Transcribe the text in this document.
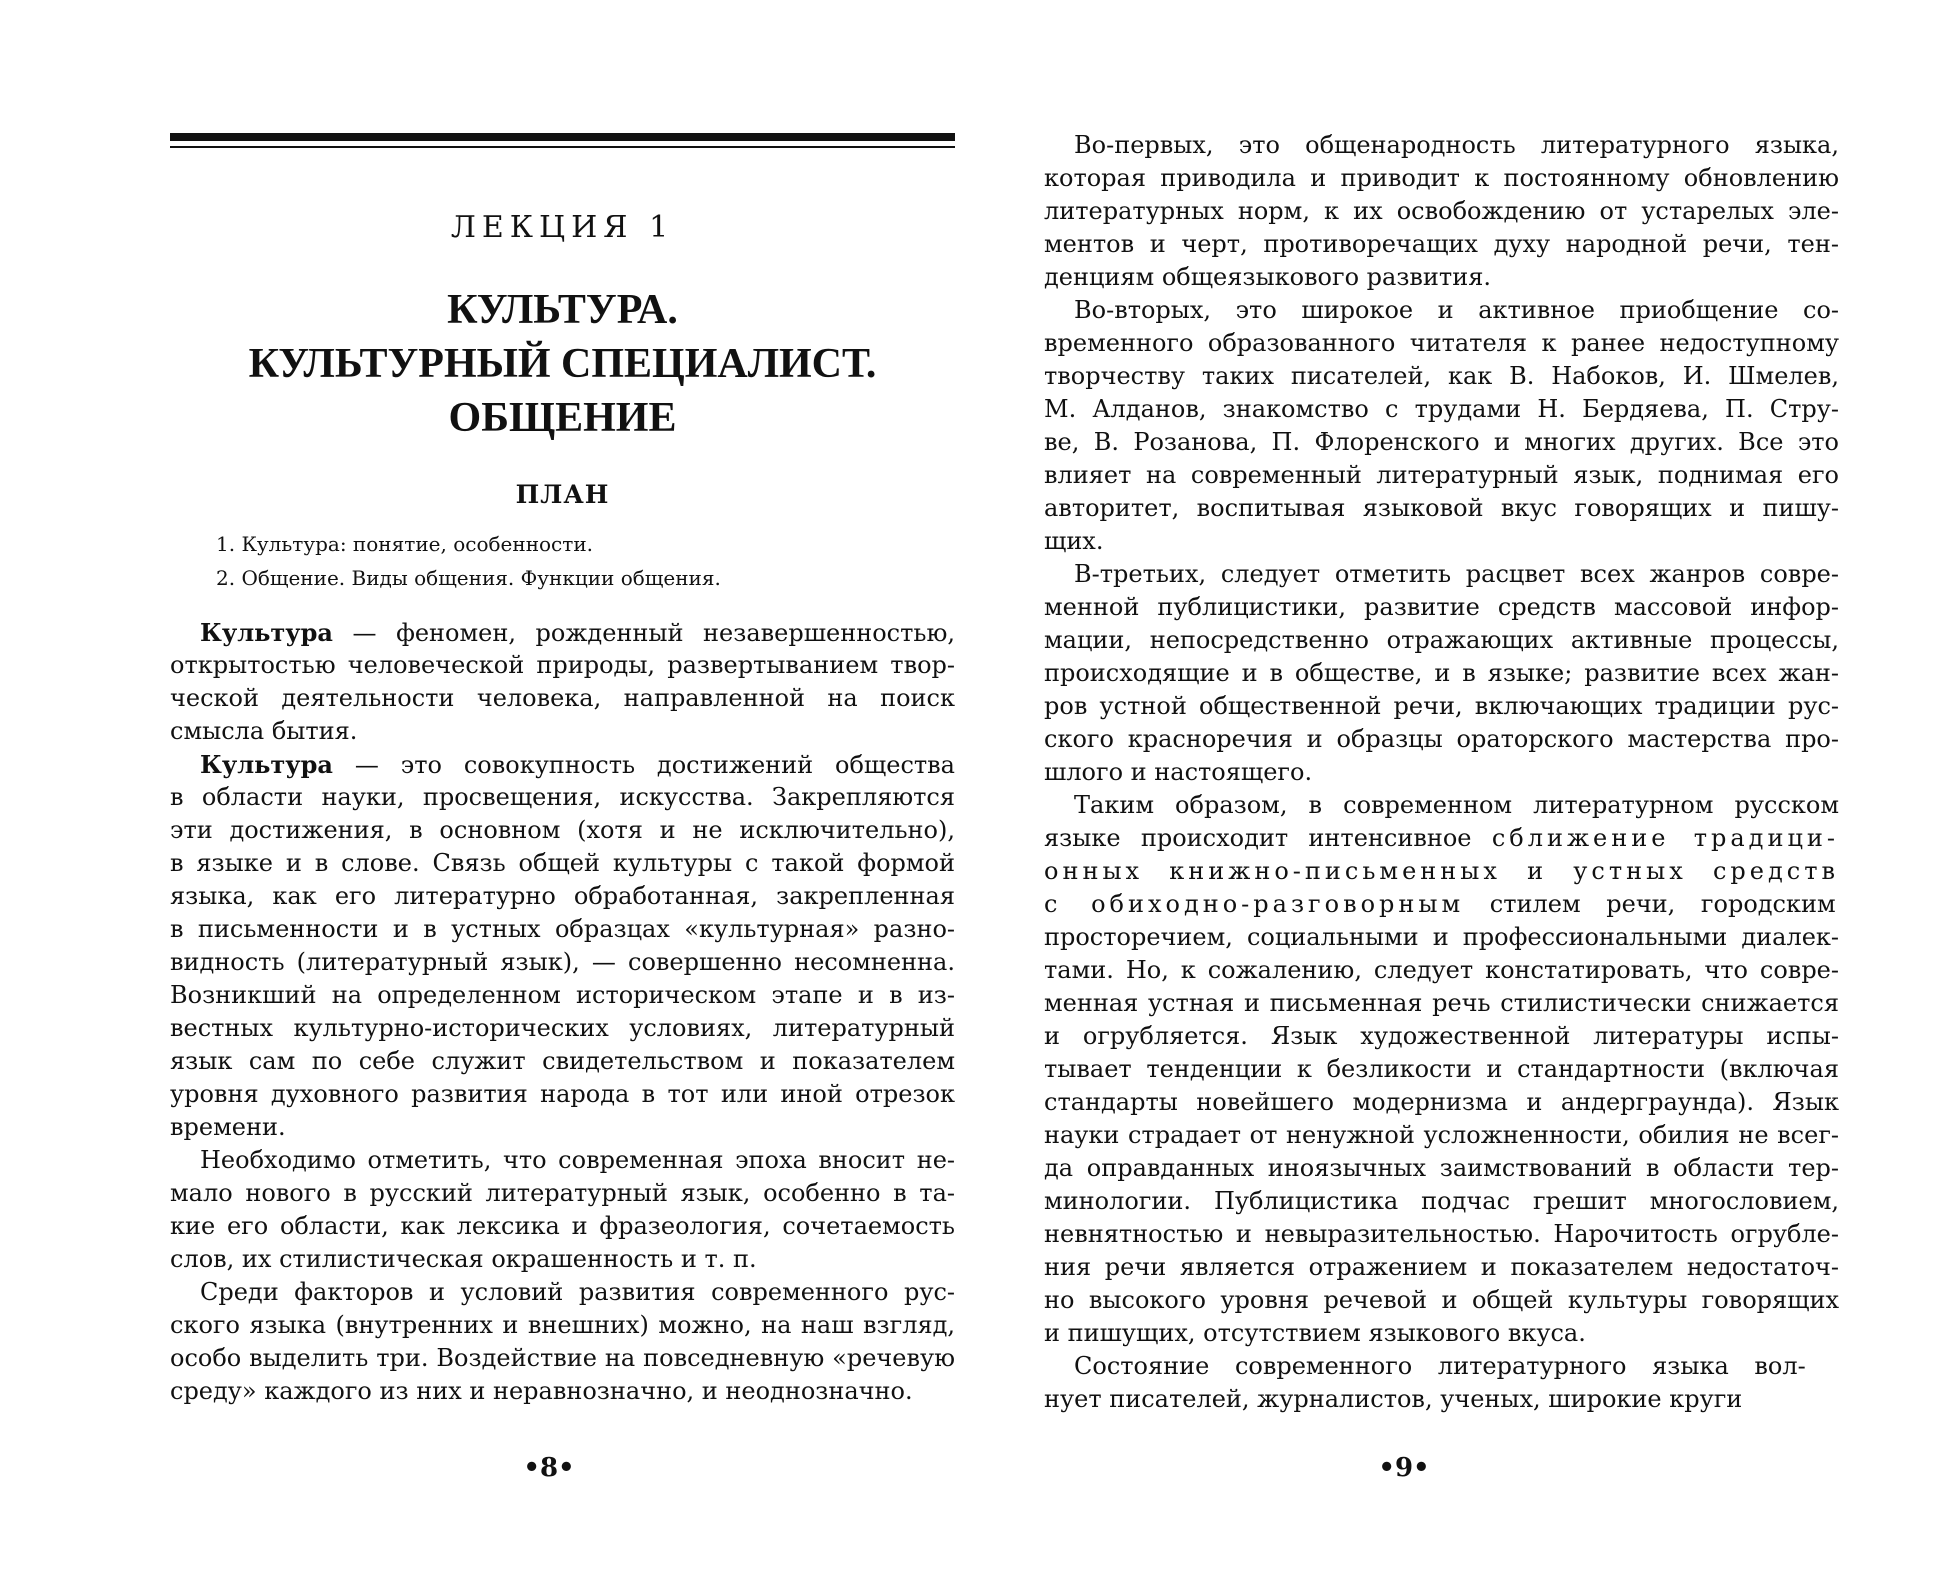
ЛЕКЦИЯ 1
КУЛЬТУРА.
КУЛЬТУРНЫЙ СПЕЦИАЛИСТ.
ОБЩЕНИЕ
ПЛАН
1. Культура: понятие, особенности.
2. Общение. Виды общения. Функции общения.
Культура — феномен, рожденный незавершенностью,
открытостью человеческой природы, развертыванием твор-
ческой деятельности человека, направленной на поиск
смысла бытия.
Культура — это совокупность достижений общества
в области науки, просвещения, искусства. Закрепляются
эти достижения, в основном (хотя и не исключительно),
в языке и в слове. Связь общей культуры с такой формой
языка, как его литературно обработанная, закрепленная
в письменности и в устных образцах «культурная» разно-
видность (литературный язык), — совершенно несомненна.
Возникший на определенном историческом этапе и в из-
вестных культурно-исторических условиях, литературный
язык сам по себе служит свидетельством и показателем
уровня духовного развития народа в тот или иной отрезок
времени.
Необходимо отметить, что современная эпоха вносит не-
мало нового в русский литературный язык, особенно в та-
кие его области, как лексика и фразеология, сочетаемость
слов, их стилистическая окрашенность и т. п.
Среди факторов и условий развития современного рус-
ского языка (внутренних и внешних) можно, на наш взгляд,
особо выделить три. Воздействие на повседневную «речевую
среду» каждого из них и неравнозначно, и неоднозначно.
•8•
Во-первых, это общенародность литературного языка,
которая приводила и приводит к постоянному обновлению
литературных норм, к их освобождению от устарелых эле-
ментов и черт, противоречащих духу народной речи, тен-
денциям общеязыкового развития.
Во-вторых, это широкое и активное приобщение со-
временного образованного читателя к ранее недоступному
творчеству таких писателей, как В. Набоков, И. Шмелев,
М. Алданов, знакомство с трудами Н. Бердяева, П. Стру-
ве, В. Розанова, П. Флоренского и многих других. Все это
влияет на современный литературный язык, поднимая его
авторитет, воспитывая языковой вкус говорящих и пишу-
щих.
В-третьих, следует отметить расцвет всех жанров совре-
менной публицистики, развитие средств массовой инфор-
мации, непосредственно отражающих активные процессы,
происходящие и в обществе, и в языке; развитие всех жан-
ров устной общественной речи, включающих традиции рус-
ского красноречия и образцы ораторского мастерства про-
шлого и настоящего.
Таким образом, в современном литературном русском
языке происходит интенсивное сближение традици-
онных книжно-письменных и устных средств
с обиходно-разговорным стилем речи, городским
просторечием, социальными и профессиональными диалек-
тами. Но, к сожалению, следует констатировать, что совре-
менная устная и письменная речь стилистически снижается
и огрубляется. Язык художественной литературы испы-
тывает тенденции к безликости и стандартности (включая
стандарты новейшего модернизма и андерграунда). Язык
науки страдает от ненужной усложненности, обилия не всег-
да оправданных иноязычных заимствований в области тер-
минологии. Публицистика подчас грешит многословием,
невнятностью и невыразительностью. Нарочитость огрубле-
ния речи является отражением и показателем недостаточ-
но высокого уровня речевой и общей культуры говорящих
и пишущих, отсутствием языкового вкуса.
Состояние современного литературного языка вол-
нует писателей, журналистов, ученых, широкие круги
•9•
